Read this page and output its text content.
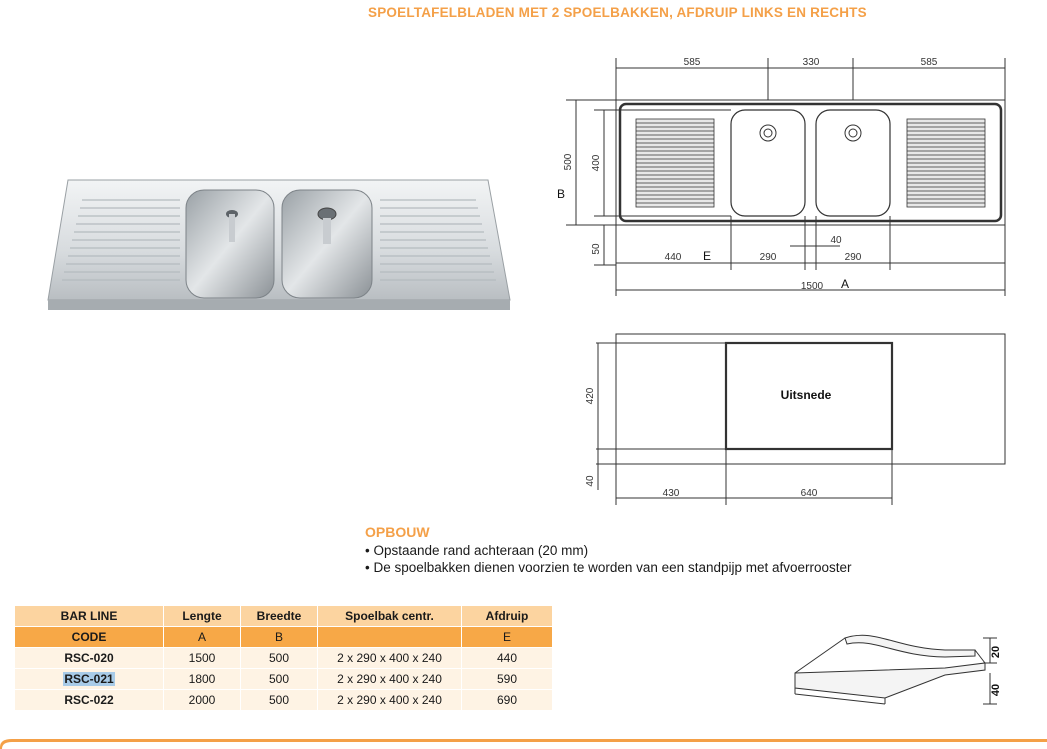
SPOELTAFELBLADEN MET 2 SPOELBAKKEN, AFDRUIP LINKS EN RECHTS
585	330	585
500
B
400
50
40
440 E	290	290
1500 A
Uitsnede
420
40
430	640
OPBOUW
• Opstaande rand achteraan (20 mm)
• De spoelbakken dienen voorzien te worden van een standpijp met afvoerrooster
BAR LINE	Lengte	Breedte	Spoelbak centr.	Afdruip
CODE	A	B		E
RSC-020	1500	500	2 x 290 x 400 x 240	440
RSC-021	1800	500	2 x 290 x 400 x 240	590
RSC-022	2000	500	2 x 290 x 400 x 240	690
20
40
